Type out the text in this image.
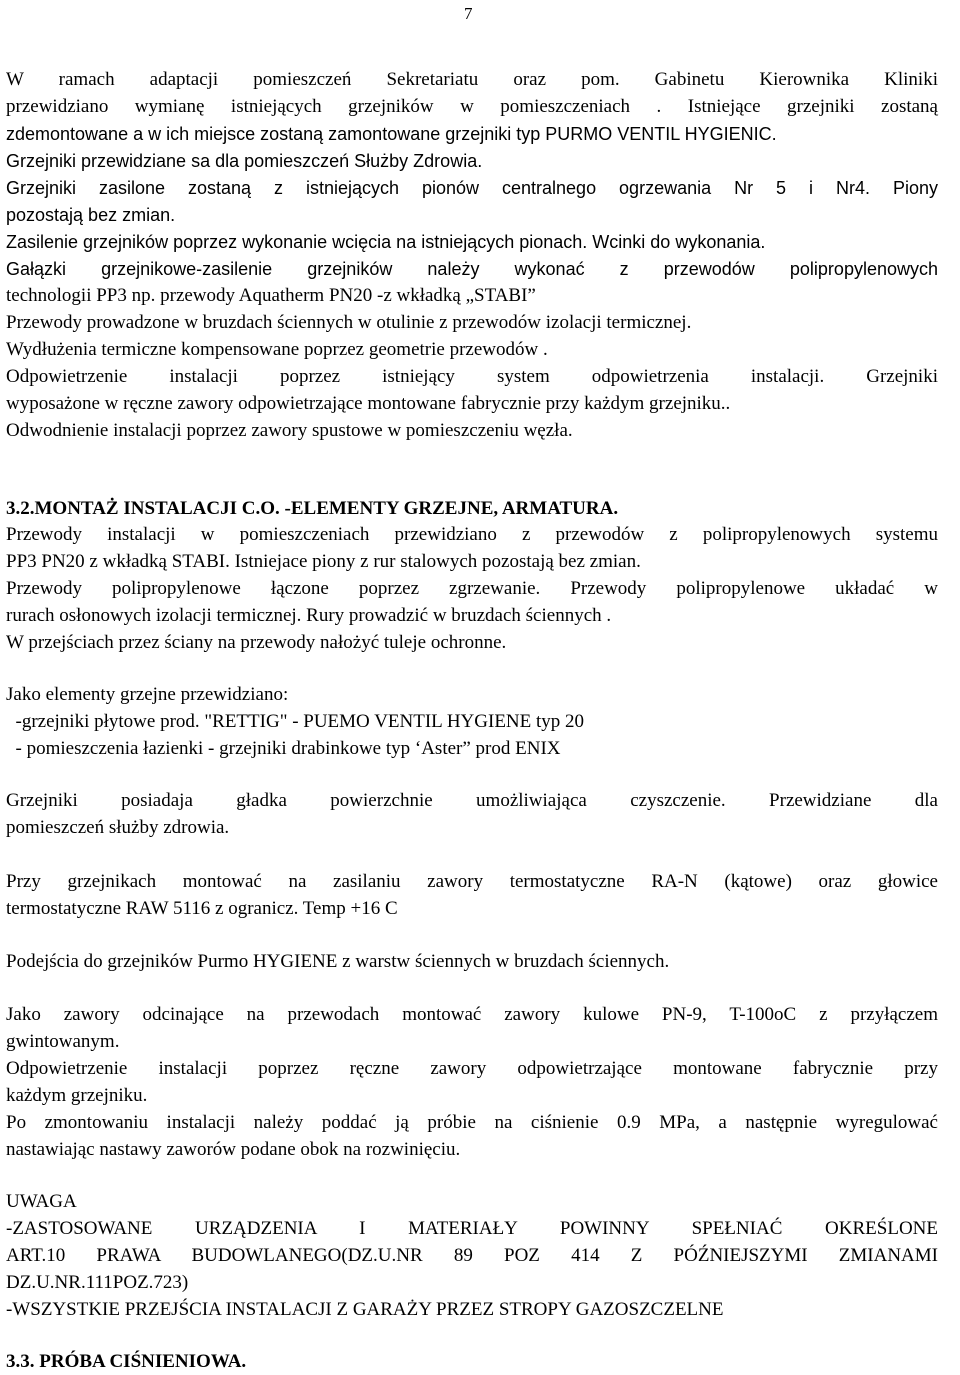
7
W ramach adaptacji pomieszczeń Sekretariatu oraz pom. Gabinetu Kierownika Kliniki
przewidziano wymianę istniejących grzejników w pomieszczeniach . Istniejące grzejniki zostaną
zdemontowane a w ich miejsce zostaną zamontowane grzejniki typ PURMO VENTIL HYGIENIC.
Grzejniki przewidziane sa dla pomieszczeń Służby Zdrowia.
Grzejniki zasilone zostaną z istniejących pionów centralnego ogrzewania Nr 5 i Nr4. Piony
pozostają bez zmian.
Zasilenie grzejników poprzez wykonanie wcięcia na istniejących pionach. Wcinki do wykonania.
Gałązki grzejnikowe-zasilenie grzejników należy wykonać z przewodów polipropylenowych
technologii PP3 np. przewody Aquatherm PN20 -z wkładką „STABI”
Przewody prowadzone w bruzdach ściennych w otulinie z przewodów izolacji termicznej.
Wydłużenia termiczne kompensowane poprzez geometrie przewodów .
Odpowietrzenie instalacji poprzez istniejący system odpowietrzenia instalacji. Grzejniki
wyposażone w ręczne zawory odpowietrzające montowane fabrycznie przy każdym grzejniku..
Odwodnienie instalacji poprzez zawory spustowe w pomieszczeniu węzła.
3.2.MONTAŻ INSTALACJI C.O. -ELEMENTY GRZEJNE, ARMATURA.
Przewody instalacji w pomieszczeniach przewidziano z przewodów z polipropylenowych systemu
PP3 PN20 z wkładką STABI. Istniejace piony z rur stalowych pozostają bez zmian.
Przewody polipropylenowe łączone poprzez zgrzewanie. Przewody polipropylenowe układać w
rurach osłonowych izolacji termicznej. Rury prowadzić w bruzdach ściennych .
W przejściach przez ściany na przewody nałożyć tuleje ochronne.
Jako elementy grzejne przewidziano:
-grzejniki płytowe prod. "RETTIG" - PUEMO VENTIL HYGIENE typ 20
- pomieszczenia łazienki - grzejniki drabinkowe typ ‘Aster” prod ENIX
Grzejniki posiadaja gładka powierzchnie umożliwiająca czyszczenie. Przewidziane dla
pomieszczeń służby zdrowia.
Przy grzejnikach montować na zasilaniu zawory termostatyczne RA-N (kątowe) oraz głowice
termostatyczne RAW 5116 z ogranicz. Temp +16 C
Podejścia do grzejników Purmo HYGIENE z warstw ściennych w bruzdach ściennych.
Jako zawory odcinające na przewodach montować zawory kulowe PN-9, T-100oC z przyłączem
gwintowanym.
Odpowietrzenie instalacji poprzez ręczne zawory odpowietrzające montowane fabrycznie przy
każdym grzejniku.
Po zmontowaniu instalacji należy poddać ją próbie na ciśnienie 0.9 MPa, a następnie wyregulować
nastawiając nastawy zaworów podane obok na rozwinięciu.
UWAGA
-ZASTOSOWANE URZĄDZENIA I MATERIAŁY POWINNY SPEŁNIAĆ OKREŚLONE
ART.10 PRAWA BUDOWLANEGO(DZ.U.NR 89 POZ 414 Z PÓŹNIEJSZYMI ZMIANAMI
DZ.U.NR.111POZ.723)
-WSZYSTKIE PRZEJŚCIA INSTALACJI Z GARAŻY PRZEZ STROPY GAZOSZCZELNE
3.3. PRÓBA CIŚNIENIOWA.
